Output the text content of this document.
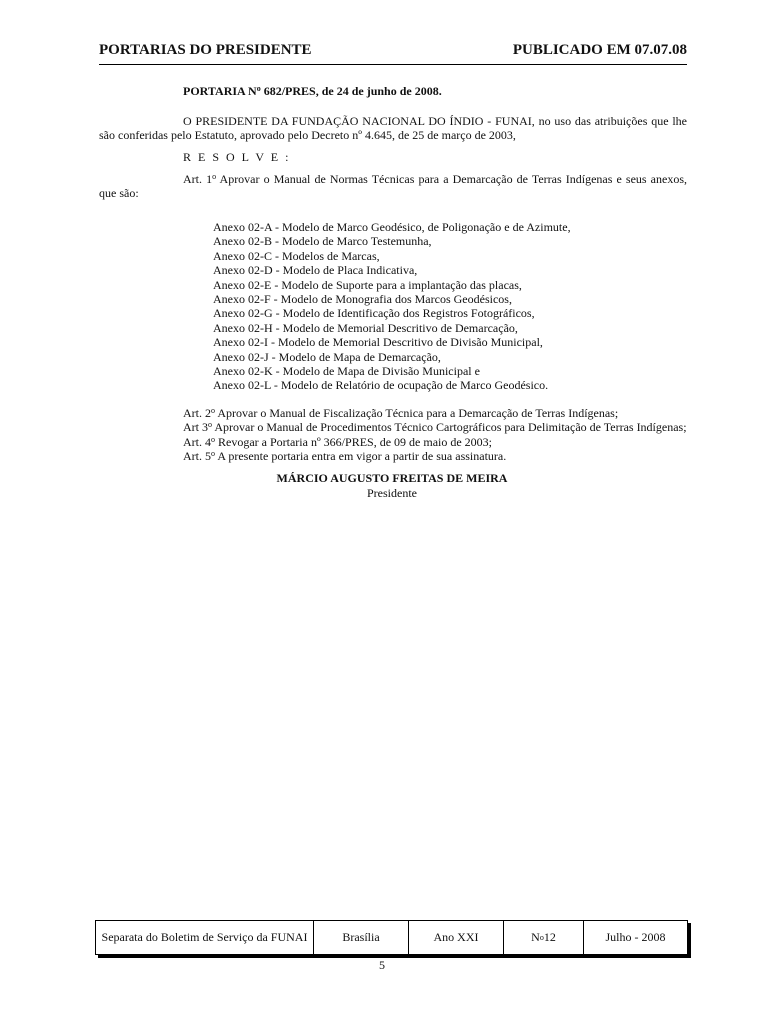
PORTARIAS DO PRESIDENTE	PUBLICADO EM 07.07.08
PORTARIA $N^o$ 682/PRES, de 24 de junho de 2008.
O PRESIDENTE DA FUNDAÇÃO NACIONAL DO ÍNDIO - FUNAI, no uso das atribuições que lhe são conferidas pelo Estatuto, aprovado pelo Decreto nº 4.645, de 25 de março de 2003,
R E S O L V E :
Art. 1$^o$ Aprovar o Manual de Normas Técnicas para a Demarcação de Terras Indígenas e seus anexos, que são:
Anexo 02-A - Modelo de Marco Geodésico, de Poligonação e de Azimute,
Anexo 02-B - Modelo de Marco Testemunha,
Anexo 02-C - Modelos de Marcas,
Anexo 02-D - Modelo de Placa Indicativa,
Anexo 02-E - Modelo de Suporte para a implantação das placas,
Anexo 02-F - Modelo de Monografia dos Marcos Geodésicos,
Anexo 02-G - Modelo de Identificação dos Registros Fotográficos,
Anexo 02-H - Modelo de Memorial Descritivo de Demarcação,
Anexo 02-I - Modelo de Memorial Descritivo de Divisão Municipal,
Anexo 02-J - Modelo de Mapa de Demarcação,
Anexo 02-K - Modelo de Mapa de Divisão Municipal e
Anexo 02-L - Modelo de Relatório de ocupação de Marco Geodésico.
Art. 2$^o$ Aprovar o Manual de Fiscalização Técnica para a Demarcação de Terras Indígenas;
Art 3$^o$ Aprovar o Manual de Procedimentos Técnico Cartográficos para Delimitação de Terras Indígenas;
Art. 4$^o$ Revogar a Portaria nº 366/PRES, de 09 de maio de 2003;
Art. 5$^o$ A presente portaria entra em vigor a partir de sua assinatura.
MÁRCIO AUGUSTO FREITAS DE MEIRA
Presidente
Separata do Boletim de Serviço da FUNAI	Brasília	Ano XXI	N o 12	Julho - 2008
5
